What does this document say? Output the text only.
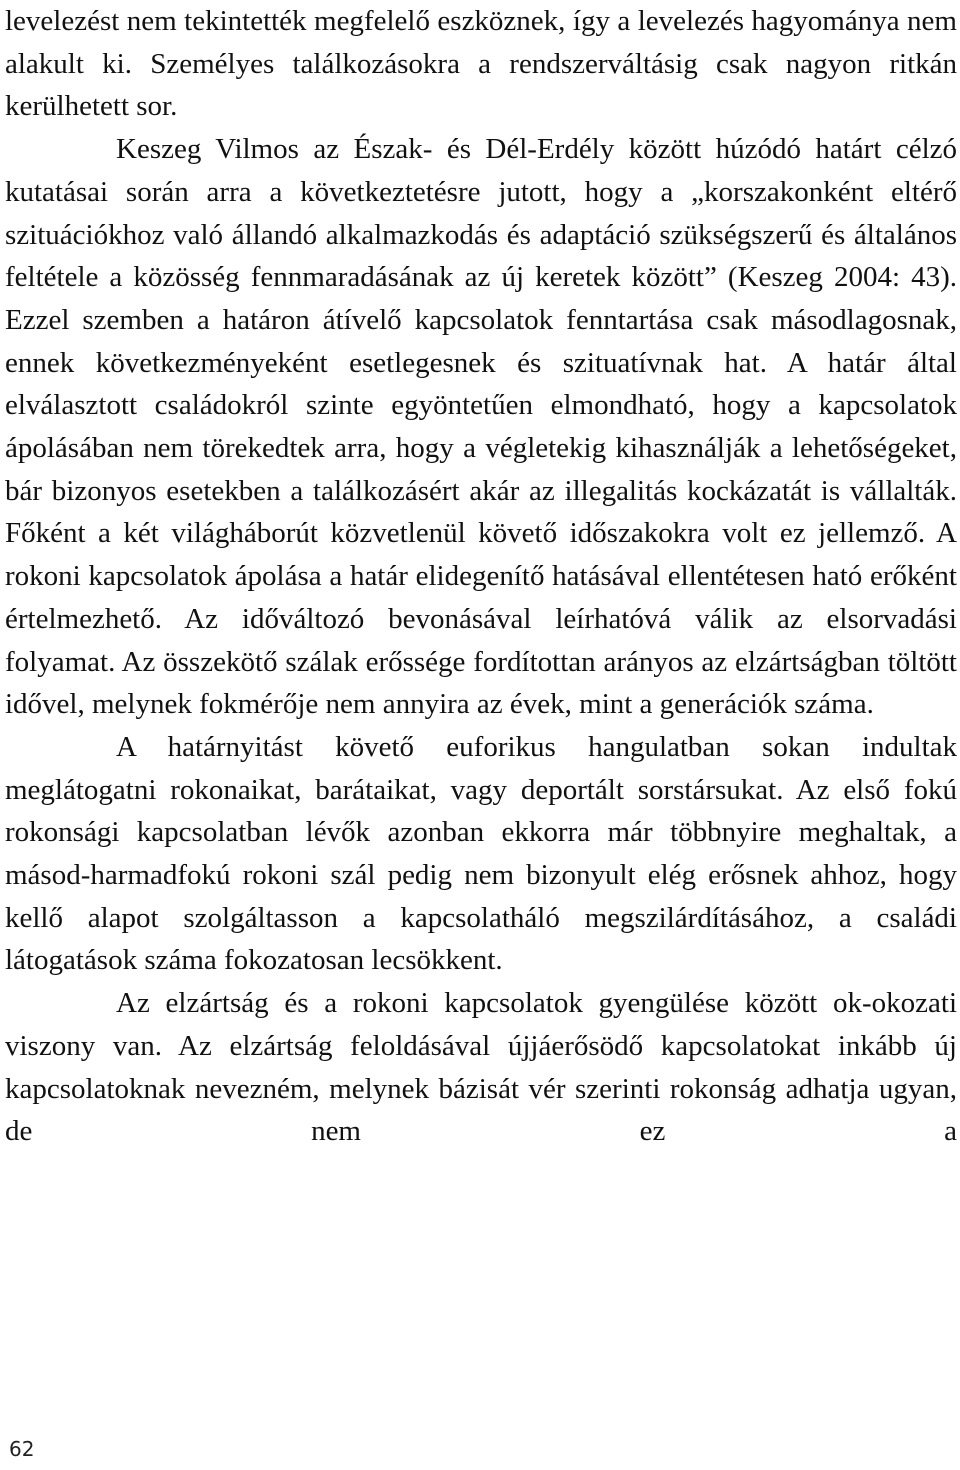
levelezést nem tekintették megfelelő eszköznek, így a levelezés hagyománya nem alakult ki. Személyes találkozásokra a rendszerváltásig csak nagyon ritkán kerülhetett sor.

Keszeg Vilmos az Észak- és Dél-Erdély között húzódó határt célzó kutatásai során arra a következtetésre jutott, hogy a „korszakonként eltérő szituációkhoz való állandó alkalmazkodás és adaptáció szükségszerű és általános feltétele a közösség fennmaradásának az új keretek között” (Keszeg 2004: 43). Ezzel szemben a határon átívelő kapcsolatok fenntartása csak másodlagosnak, ennek következményeként esetlegesnek és szituatívnak hat. A határ által elválasztott családokról szinte egyöntetűen elmondható, hogy a kapcsolatok ápolásában nem törekedtek arra, hogy a végletekig kihasználják a lehetőségeket, bár bizonyos esetekben a találkozásért akár az illegalitás kockázatát is vállalták. Főként a két világháborút közvetlenül követő időszakokra volt ez jellemző. A rokoni kapcsolatok ápolása a határ elidegenítő hatásával ellentétesen ható erőként értelmezhető. Az időváltozó bevonásával leírhatóvá válik az elsorvadási folyamat. Az összekötő szálak erőssége fordítottan arányos az elzártságban töltött idővel, melynek fokmérője nem annyira az évek, mint a generációk száma.

A határnyitást követő euforikus hangulatban sokan indultak meglátogatni rokonaikat, barátaikat, vagy deportált sorstársukat. Az első fokú rokonsági kapcsolatban lévők azonban ekkorra már többnyire meghaltak, a másod-harmadfokú rokoni szál pedig nem bizonyult elég erősnek ahhoz, hogy kellő alapot szolgáltasson a kapcsolatháló megszilárdításához, a családi látogatások száma fokozatosan lecsökkent.

Az elzártság és a rokoni kapcsolatok gyengülése között ok-okozati viszony van. Az elzártság feloldásával újjáerősödő kapcsolatokat inkább új kapcsolatoknak nevezném, melynek bázisát vér szerinti rokonság adhatja ugyan, de nem ez a

62
